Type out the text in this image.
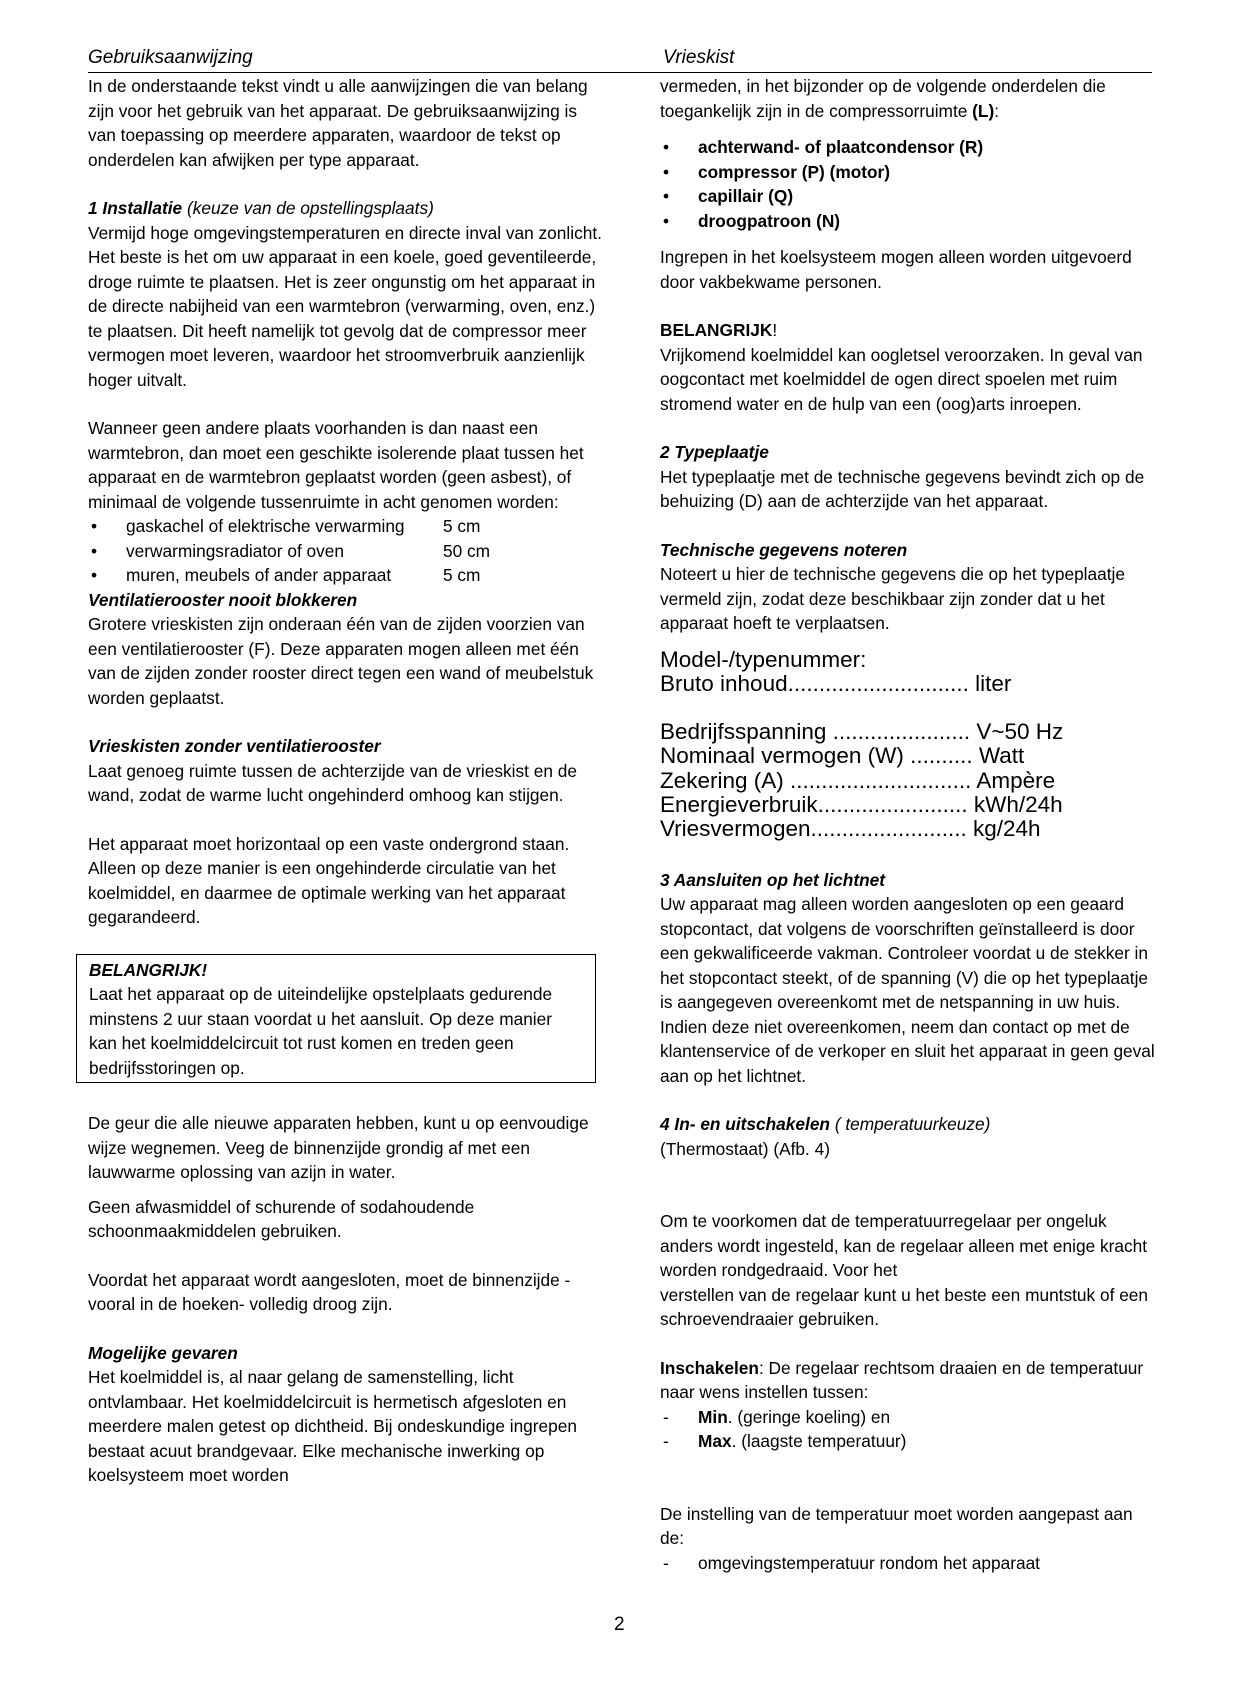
Gebruiksaanwijzing	Vrieskist

In de onderstaande tekst vindt u alle aanwijzingen die van belang zijn voor het gebruik van het apparaat. De gebruiksaanwijzing is van toepassing op meerdere apparaten, waardoor de tekst op onderdelen kan afwijken per type apparaat.

1 Installatie (keuze van de opstellingsplaats)

Vermijd hoge omgevingstemperaturen en directe inval van zonlicht. Het beste is het om uw apparaat in een koele, goed geventileerde, droge ruimte te plaatsen. Het is zeer ongunstig om het apparaat in de directe nabijheid van een warmtebron (verwarming, oven, enz.) te plaatsen. Dit heeft namelijk tot gevolg dat de compressor meer vermogen moet leveren, waardoor het stroomverbruik aanzienlijk hoger uitvalt.

Wanneer geen andere plaats voorhanden is dan naast een warmtebron, dan moet een geschikte isolerende plaat tussen het apparaat en de warmtebron geplaatst worden (geen asbest), of minimaal de volgende tussenruimte in acht genomen worden:

• gaskachel of elektrische verwarming 5 cm
• verwarmingsradiator of oven	50 cm
• muren, meubels of ander apparaat	5 cm

Ventilatierooster nooit blokkeren

Grotere vrieskisten zijn onderaan één van de zijden voorzien van een ventilatierooster (F). Deze apparaten mogen alleen met één van de zijden zonder rooster direct tegen een wand of meubelstuk worden geplaatst.

Vrieskisten zonder ventilatierooster

Laat genoeg ruimte tussen de achterzijde van de vrieskist en de wand, zodat de warme lucht ongehinderd omhoog kan stijgen.

Het apparaat moet horizontaal op een vaste ondergrond staan. Alleen op deze manier is een ongehinderde circulatie van het koelmiddel, en daarmee de optimale werking van het apparaat gegarandeerd.

BELANGRIJK!

Laat het apparaat op de uiteindelijke opstelplaats gedurende minstens 2 uur staan voordat u het aansluit. Op deze manier kan het koelmiddelcircuit tot rust komen en treden geen bedrijfsstoringen op.

De geur die alle nieuwe apparaten hebben, kunt u op eenvoudige wijze wegnemen. Veeg de binnenzijde grondig af met een lauwwarme oplossing van azijn in water.

Geen afwasmiddel of schurende of sodahoudende schoonmaakmiddelen gebruiken.

Voordat het apparaat wordt aangesloten, moet de binnenzijde -vooral in de hoeken- volledig droog zijn.

Mogelijke gevaren

Het koelmiddel is, al naar gelang de samenstelling, licht ontvlambaar. Het koelmiddelcircuit is hermetisch afgesloten en meerdere malen getest op dichtheid. Bij ondeskundige ingrepen bestaat acuut brandgevaar. Elke mechanische inwerking op koelsysteem moet worden

vermeden, in het bijzonder op de volgende onderdelen die toegankelijk zijn in de compressorruimte (L):

• achterwand- of plaatcondensor (R)
• compressor (P) (motor)
• capillair (Q)
• droogpatroon (N)

Ingrepen in het koelsysteem mogen alleen worden uitgevoerd door vakbekwame personen.

BELANGRIJK!

Vrijkomend koelmiddel kan oogletsel veroorzaken. In geval van oogcontact met koelmiddel de ogen direct spoelen met ruim stromend water en de hulp van een (oog)arts inroepen.

2 Typeplaatje

Het typeplaatje met de technische gegevens bevindt zich op de behuizing (D) aan de achterzijde van het apparaat.

Technische gegevens noteren

Noteert u hier de technische gegevens die op het typeplaatje vermeld zijn, zodat deze beschikbaar zijn zonder dat u het apparaat hoeft te verplaatsen.

Model-/typenummer:
Bruto inhoud............................. liter
Bedrijfsspanning ...................... V~50 Hz
Nominaal vermogen (W) .......... Watt
Zekering (A) ............................. Ampère
Energieverbruik........................ kWh/24h
Vriesvermogen......................... kg/24h

3 Aansluiten op het lichtnet

Uw apparaat mag alleen worden aangesloten op een geaard stopcontact, dat volgens de voorschriften geïnstalleerd is door een gekwalificeerde vakman. Controleer voordat u de stekker in het stopcontact steekt, of de spanning (V) die op het typeplaatje is aangegeven overeenkomt met de netspanning in uw huis. Indien deze niet overeenkomen, neem dan contact op met de klantenservice of de verkoper en sluit het apparaat in geen geval aan op het lichtnet.

4 In- en uitschakelen ( temperatuurkeuze)

(Thermostaat) (Afb. 4)

Om te voorkomen dat de temperatuurregelaar per ongeluk anders wordt ingesteld, kan de regelaar alleen met enige kracht worden rondgedraaid. Voor het

verstellen van de regelaar kunt u het beste een muntstuk of een schroevendraaier gebruiken.

Inschakelen: De regelaar rechtsom draaien en de temperatuur naar wens instellen tussen:

- Min. (geringe koeling) en
- Max. (laagste temperatuur)

De instelling van de temperatuur moet worden aangepast aan de:

- omgevingstemperatuur rondom het apparaat
2
